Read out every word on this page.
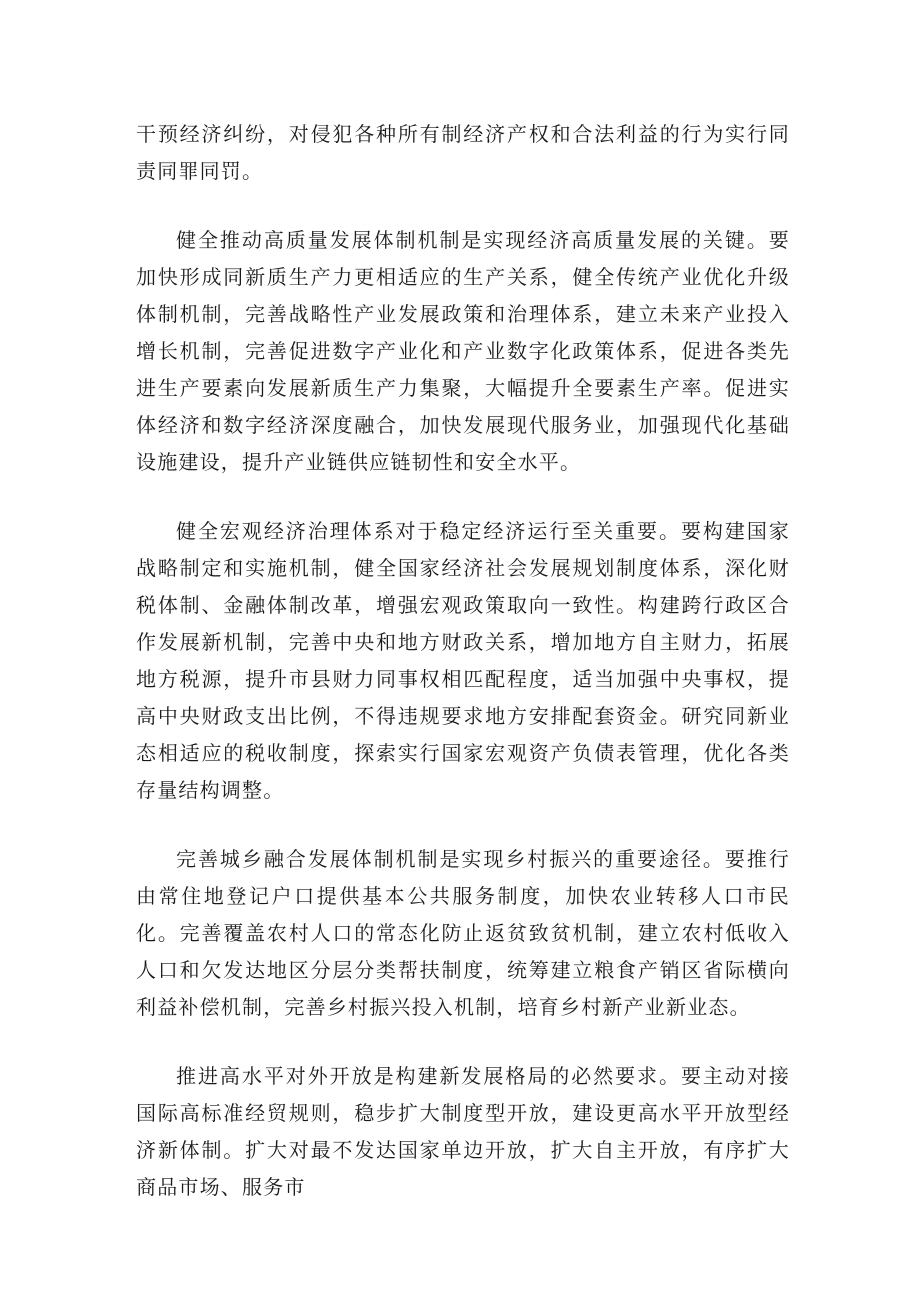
干预经济纠纷，对侵犯各种所有制经济产权和合法利益的行为实行同责同罪同罚。

健全推动高质量发展体制机制是实现经济高质量发展的关键。要加快形成同新质生产力更相适应的生产关系，健全传统产业优化升级体制机制，完善战略性产业发展政策和治理体系，建立未来产业投入增长机制，完善促进数字产业化和产业数字化政策体系，促进各类先进生产要素向发展新质生产力集聚，大幅提升全要素生产率。促进实体经济和数字经济深度融合，加快发展现代服务业，加强现代化基础设施建设，提升产业链供应链韧性和安全水平。

健全宏观经济治理体系对于稳定经济运行至关重要。要构建国家战略制定和实施机制，健全国家经济社会发展规划制度体系，深化财税体制、金融体制改革，增强宏观政策取向一致性。构建跨行政区合作发展新机制，完善中央和地方财政关系，增加地方自主财力，拓展地方税源，提升市县财力同事权相匹配程度，适当加强中央事权，提高中央财政支出比例，不得违规要求地方安排配套资金。研究同新业态相适应的税收制度，探索实行国家宏观资产负债表管理，优化各类存量结构调整。

完善城乡融合发展体制机制是实现乡村振兴的重要途径。要推行由常住地登记户口提供基本公共服务制度，加快农业转移人口市民化。完善覆盖农村人口的常态化防止返贫致贫机制，建立农村低收入人口和欠发达地区分层分类帮扶制度，统筹建立粮食产销区省际横向利益补偿机制，完善乡村振兴投入机制，培育乡村新产业新业态。

推进高水平对外开放是构建新发展格局的必然要求。要主动对接国际高标准经贸规则，稳步扩大制度型开放，建设更高水平开放型经济新体制。扩大对最不发达国家单边开放，扩大自主开放，有序扩大商品市场、服务市
